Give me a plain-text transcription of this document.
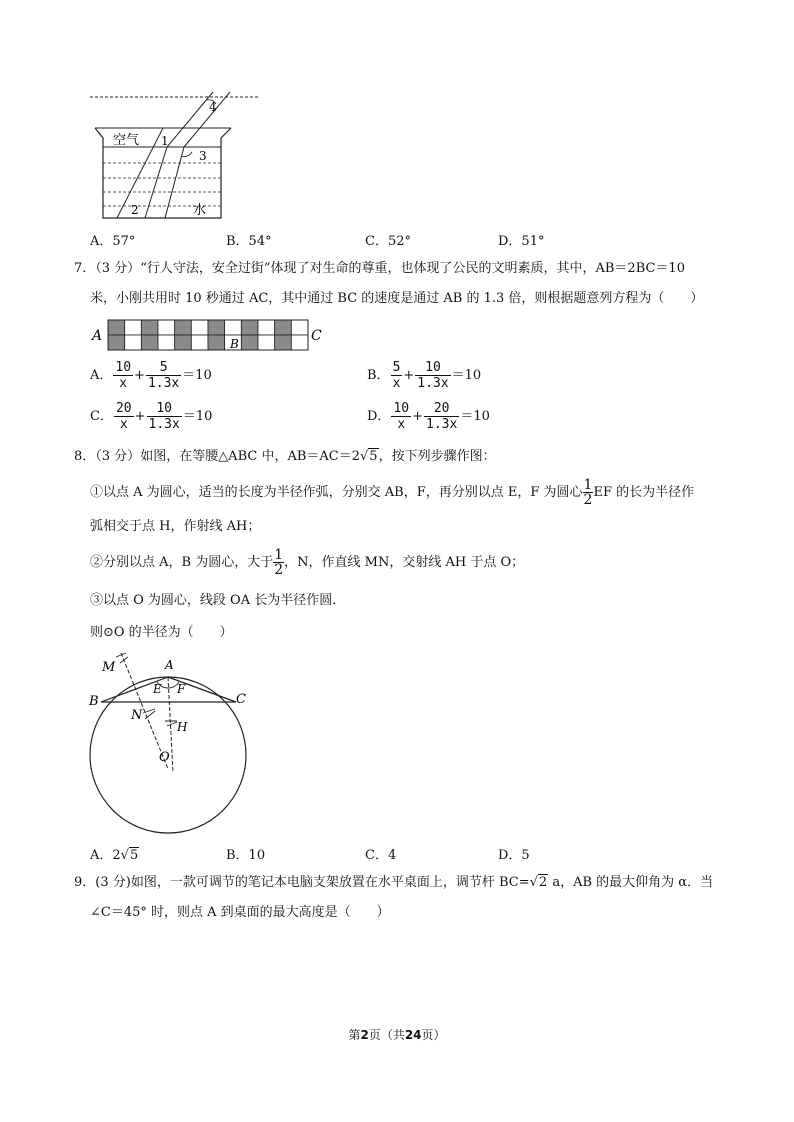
空气 1
3
4
2	水
A．57°	B．54°	C．52°	D．51°
7．（3 分）“行人守法，安全过街”体现了对生命的尊重，也体现了公民的文明素质，其中，AB＝2BC＝10
米，小刚共用时 10 秒通过 AC，其中通过 BC 的速度是通过 AB 的 1.3 倍，则根据题意列方程为（　　）
A	B	C
A． $\frac{10}{x} + \frac{5}{1.3x} =10$	B． $\frac{5}{x} + \frac{10}{1.3x} =10$
C． $\frac{20}{x} + \frac{10}{1.3x} =10$	D． $\frac{10}{x} + \frac{20}{1.3x} =10$
8．（3 分）如图，在等腰△ABC 中，AB＝AC＝2√5，按下列步骤作图：
①以点 A 为圆心，适当的长度为半径作弧，分别交 AB，F，再分别以点 E，F 为圆心 $\frac{1}{2}$ EF 的长为半径作
弧相交于点 H，作射线 AH；
②分别以点 A，B 为圆心，大于 $\frac{1}{2}$ ，N，作直线 MN，交射线 AH 于点 O；
③以点 O 为圆心，线段 OA 长为半径作圆．
则⊙O 的半径为（　　）
M	A
B	C
E F
N
H
O
A．2√5	B．10	C．4	D．5
9．(3 分)如图，一款可调节的笔记本电脑支架放置在水平桌面上，调节杆 BC=√2 a，AB 的最大仰角为 α．当
∠C＝45° 时，则点 A 到桌面的最大高度是（　　）
第2页（共24页）
